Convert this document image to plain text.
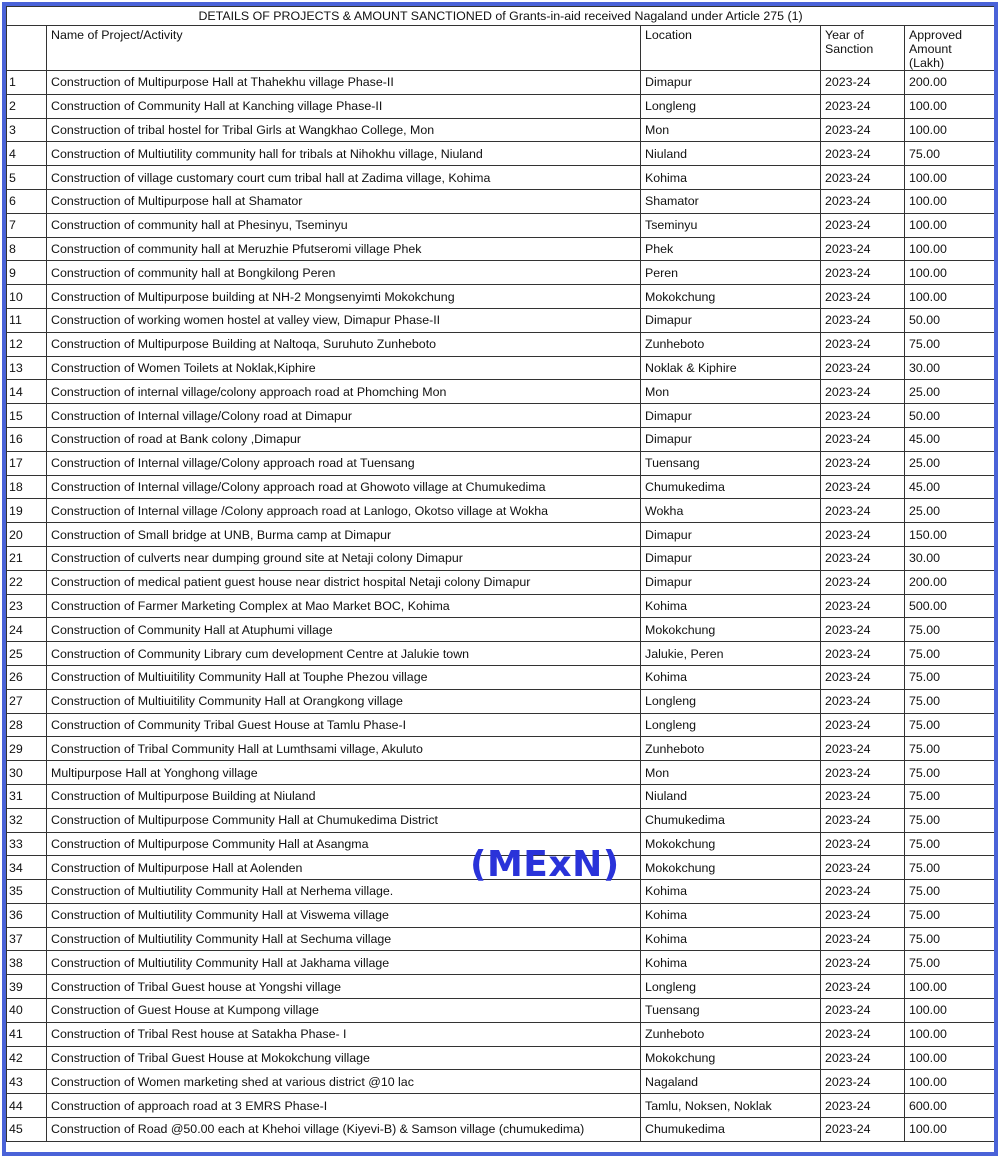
DETAILS OF PROJECTS & AMOUNT SANCTIONED of Grants-in-aid received Nagaland under Article 275 (1)				
	Name of Project/Activity	Location	Year of Sanction	Approved Amount (Lakh)
1	Construction of Multipurpose Hall at Thahekhu village Phase-II	Dimapur	2023-24	200.00
2	Construction of Community Hall at Kanching village Phase-II	Longleng	2023-24	100.00
3	Construction of tribal hostel for Tribal Girls at Wangkhao College, Mon	Mon	2023-24	100.00
4	Construction of Multiutility community hall for tribals at Nihokhu village, Niuland	Niuland	2023-24	75.00
5	Construction of village customary court cum tribal hall at Zadima village, Kohima	Kohima	2023-24	100.00
6	Construction of Multipurpose hall at Shamator	Shamator	2023-24	100.00
7	Construction of community hall at Phesinyu, Tseminyu	Tseminyu	2023-24	100.00
8	Construction of community hall at Meruzhie Pfutseromi village Phek	Phek	2023-24	100.00
9	Construction of community hall at Bongkilong Peren	Peren	2023-24	100.00
10	Construction of Multipurpose building at NH-2 Mongsenyimti Mokokchung	Mokokchung	2023-24	100.00
11	Construction of working women hostel at valley view, Dimapur Phase-II	Dimapur	2023-24	50.00
12	Construction of Multipurpose Building at Naltoqa, Suruhuto Zunheboto	Zunheboto	2023-24	75.00
13	Construction of Women Toilets at Noklak,Kiphire	Noklak & Kiphire	2023-24	30.00
14	Construction of internal village/colony approach road at Phomching Mon	Mon	2023-24	25.00
15	Construction of Internal village/Colony road at Dimapur	Dimapur	2023-24	50.00
16	Construction of road at Bank colony ,Dimapur	Dimapur	2023-24	45.00
17	Construction of Internal village/Colony approach road at Tuensang	Tuensang	2023-24	25.00
18	Construction of Internal village/Colony approach road at Ghowoto village at Chumukedima	Chumukedima	2023-24	45.00
19	Construction of Internal village /Colony approach road at Lanlogo, Okotso village at Wokha	Wokha	2023-24	25.00
20	Construction of Small bridge at UNB, Burma camp at Dimapur	Dimapur	2023-24	150.00
21	Construction of culverts near dumping ground site at Netaji colony Dimapur	Dimapur	2023-24	30.00
22	Construction of medical patient guest house near district hospital Netaji colony Dimapur	Dimapur	2023-24	200.00
23	Construction of Farmer Marketing Complex at Mao Market BOC, Kohima	Kohima	2023-24	500.00
24	Construction of Community Hall at Atuphumi village	Mokokchung	2023-24	75.00
25	Construction of Community Library cum development Centre at Jalukie town	Jalukie, Peren	2023-24	75.00
26	Construction of Multiuitility Community Hall at Touphe Phezou village	Kohima	2023-24	75.00
27	Construction of Multiuitility Community Hall at Orangkong village	Longleng	2023-24	75.00
28	Construction of Community Tribal Guest House at Tamlu Phase-I	Longleng	2023-24	75.00
29	Construction of Tribal Community Hall at Lumthsami village, Akuluto	Zunheboto	2023-24	75.00
30	Multipurpose Hall at Yonghong village	Mon	2023-24	75.00
31	Construction of Multipurpose Building at Niuland	Niuland	2023-24	75.00
32	Construction of Multipurpose Community Hall at Chumukedima District	Chumukedima	2023-24	75.00
33	Construction of Multipurpose Community Hall at Asangma	Mokokchung	2023-24	75.00
34	Construction of Multipurpose Hall at Aolenden	Mokokchung	2023-24	75.00
35	Construction of Multiutility Community Hall at Nerhema village.	Kohima	2023-24	75.00
36	Construction of Multiutility Community Hall at Viswema village	Kohima	2023-24	75.00
37	Construction of Multiutility Community Hall at Sechuma village	Kohima	2023-24	75.00
38	Construction of Multiutility Community Hall at Jakhama village	Kohima	2023-24	75.00
39	Construction of Tribal Guest house at Yongshi village	Longleng	2023-24	100.00
40	Construction of Guest House at Kumpong village	Tuensang	2023-24	100.00
41	Construction of Tribal Rest house at Satakha Phase- I	Zunheboto	2023-24	100.00
42	Construction of Tribal Guest House at Mokokchung village	Mokokchung	2023-24	100.00
43	Construction of Women marketing shed at various district @10 lac	Nagaland	2023-24	100.00
44	Construction of approach road at 3 EMRS Phase-I	Tamlu, Noksen, Noklak	2023-24	600.00
45	Construction of Road @50.00 each at Khehoi village (Kiyevi-B) & Samson village (chumukedima)	Chumukedima	2023-24	100.00
(MExN)
